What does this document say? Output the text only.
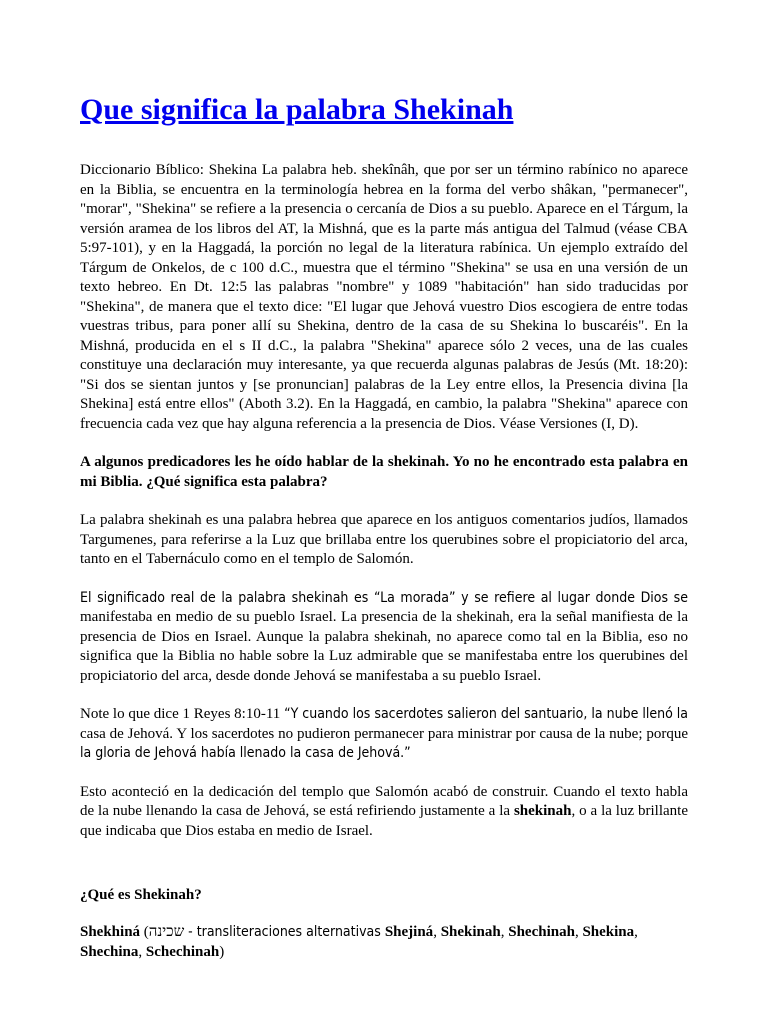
Que significa la palabra Shekinah

Diccionario Bíblico: Shekina La palabra heb. shekînâh, que por ser un término rabínico no aparece en la Biblia, se encuentra en la terminología hebrea en la forma del verbo shâkan, "permanecer", "morar", "Shekina" se refiere a la presencia o cercanía de Dios a su pueblo. Aparece en el Tárgum, la versión aramea de los libros del AT, la Mishná, que es la parte más antigua del Talmud (véase CBA 5:97-101), y en la Haggadá, la porción no legal de la literatura rabínica. Un ejemplo extraído del Tárgum de Onkelos, de c 100 d.C., muestra que el término "Shekina" se usa en una versión de un texto hebreo. En Dt. 12:5 las palabras "nombre" y 1089 "habitación" han sido traducidas por "Shekina", de manera que el texto dice: "El lugar que Jehová vuestro Dios escogiera de entre todas vuestras tribus, para poner allí su Shekina, dentro de la casa de su Shekina lo buscaréis". En la Mishná, producida en el s II d.C., la palabra "Shekina" aparece sólo 2 veces, una de las cuales constituye una declaración muy interesante, ya que recuerda algunas palabras de Jesús (Mt. 18:20): "Si dos se sientan juntos y [se pronuncian] palabras de la Ley entre ellos, la Presencia divina [la Shekina] está entre ellos" (Aboth 3.2). En la Haggadá, en cambio, la palabra "Shekina" aparece con frecuencia cada vez que hay alguna referencia a la presencia de Dios. Véase Versiones (I, D).

A algunos predicadores les he oído hablar de la shekinah. Yo no he encontrado esta palabra en mi Biblia. ¿Qué significa esta palabra?

La palabra shekinah es una palabra hebrea que aparece en los antiguos comentarios judíos, llamados Targumenes, para referirse a la Luz que brillaba entre los querubines sobre el propiciatorio del arca, tanto en el Tabernáculo como en el templo de Salomón.

El significado real de la palabra shekinah es “La morada” y se refiere al lugar donde Dios se manifestaba en medio de su pueblo Israel. La presencia de la shekinah, era la señal manifiesta de la presencia de Dios en Israel. Aunque la palabra shekinah, no aparece como tal en la Biblia, eso no significa que la Biblia no hable sobre la Luz admirable que se manifestaba entre los querubines del propiciatorio del arca, desde donde Jehová se manifestaba a su pueblo Israel.

Note lo que dice 1 Reyes 8:10-11 “Y cuando los sacerdotes salieron del santuario, la nube llenó la casa de Jehová. Y los sacerdotes no pudieron permanecer para ministrar por causa de la nube; porque la gloria de Jehová había llenado la casa de Jehová.”

Esto aconteció en la dedicación del templo que Salomón acabó de construir. Cuando el texto habla de la nube llenando la casa de Jehová, se está refiriendo justamente a la shekinah, o a la luz brillante que indicaba que Dios estaba en medio de Israel.

¿Qué es Shekinah?

Shekhiná (שכינה - transliteraciones alternativas Shejiná, Shekinah, Shechinah, Shekina, Shechina, Schechinah)
